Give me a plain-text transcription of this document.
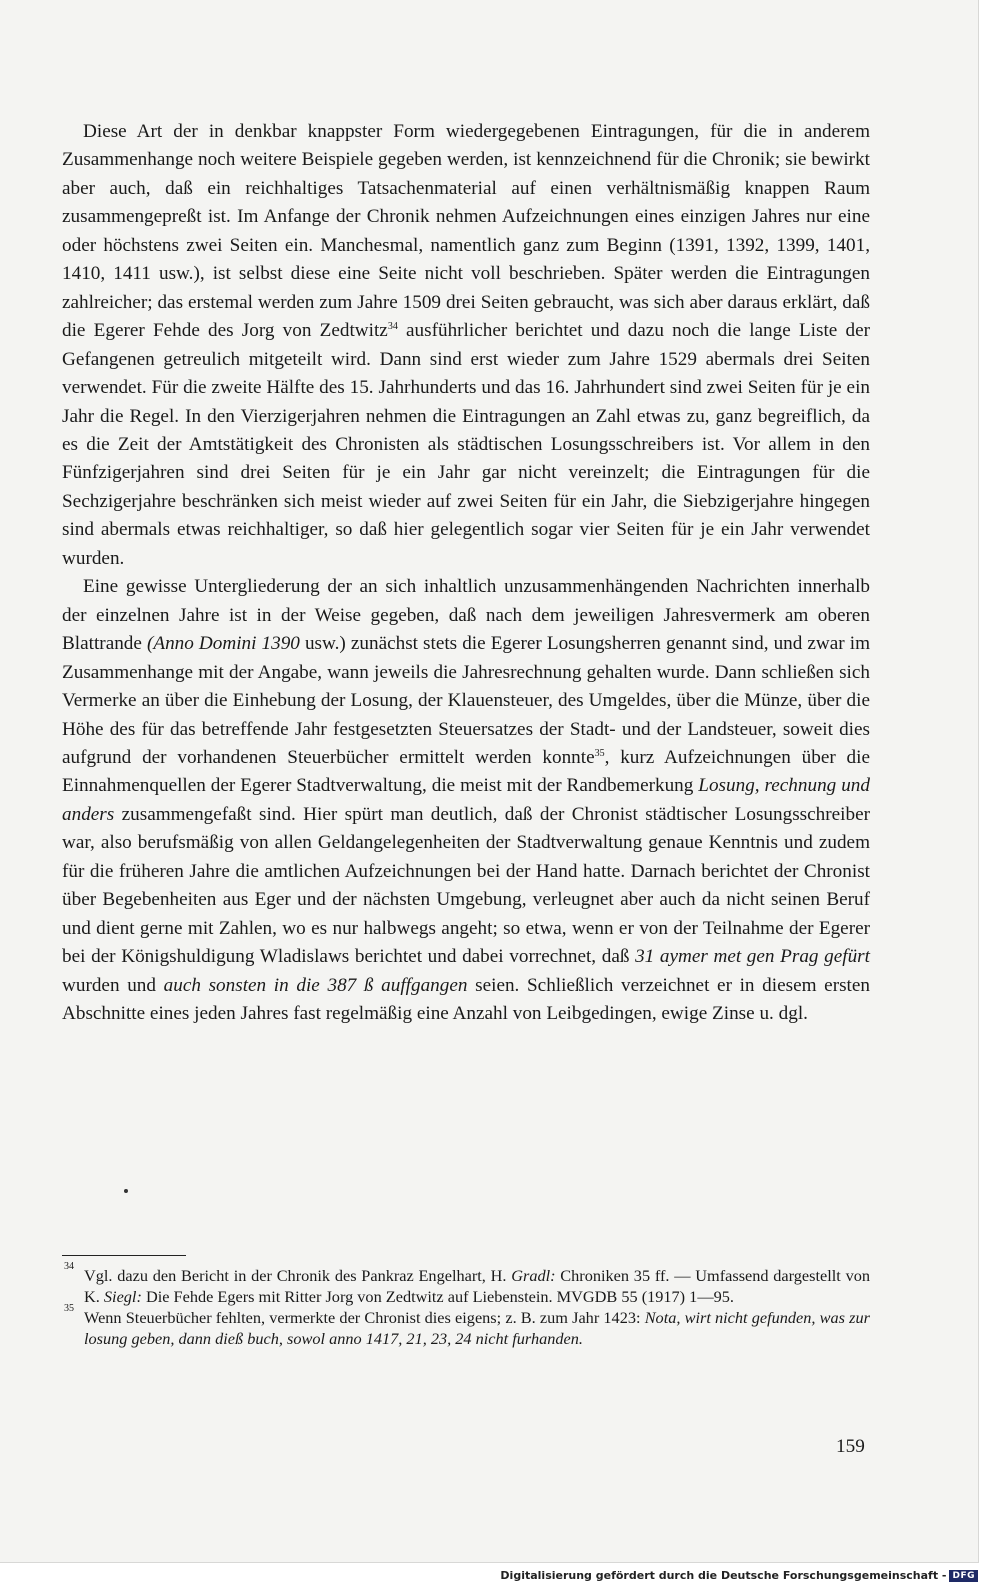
Diese Art der in denkbar knappster Form wiedergegebenen Eintragungen, für die in anderem Zusammenhange noch weitere Beispiele gegeben werden, ist kennzeichnend für die Chronik; sie bewirkt aber auch, daß ein reichhaltiges Tatsachenmaterial auf einen verhältnismäßig knappen Raum zusammengepreßt ist. Im Anfange der Chronik nehmen Aufzeichnungen eines einzigen Jahres nur eine oder höchstens zwei Seiten ein. Manchesmal, namentlich ganz zum Beginn (1391, 1392, 1399, 1401, 1410, 1411 usw.), ist selbst diese eine Seite nicht voll beschrieben. Später werden die Eintragungen zahlreicher; das erstemal werden zum Jahre 1509 drei Seiten gebraucht, was sich aber daraus erklärt, daß die Egerer Fehde des Jorg von Zedtwitz$^{34}$ ausführlicher berichtet und dazu noch die lange Liste der Gefangenen getreulich mitgeteilt wird. Dann sind erst wieder zum Jahre 1529 abermals drei Seiten verwendet. Für die zweite Hälfte des 15. Jahrhunderts und das 16. Jahrhundert sind zwei Seiten für je ein Jahr die Regel. In den Vierzigerjahren nehmen die Eintragungen an Zahl etwas zu, ganz begreiflich, da es die Zeit der Amtstätigkeit des Chronisten als städtischen Losungsschreibers ist. Vor allem in den Fünfzigerjahren sind drei Seiten für je ein Jahr gar nicht vereinzelt; die Eintragungen für die Sechzigerjahre beschränken sich meist wieder auf zwei Seiten für ein Jahr, die Siebzigerjahre hingegen sind abermals etwas reichhaltiger, so daß hier gelegentlich sogar vier Seiten für je ein Jahr verwendet wurden.

Eine gewisse Untergliederung der an sich inhaltlich unzusammenhängenden Nachrichten innerhalb der einzelnen Jahre ist in der Weise gegeben, daß nach dem jeweiligen Jahresvermerk am oberen Blattrande (Anno Domini 1390 usw.) zunächst stets die Egerer Losungsherren genannt sind, und zwar im Zusammenhange mit der Angabe, wann jeweils die Jahresrechnung gehalten wurde. Dann schließen sich Vermerke an über die Einhebung der Losung, der Klauensteuer, des Umgeldes, über die Münze, über die Höhe des für das betreffende Jahr festgesetzten Steuersatzes der Stadt- und der Landsteuer, soweit dies aufgrund der vorhandenen Steuerbücher ermittelt werden konnte$^{35}$, kurz Aufzeichnungen über die Einnahmenquellen der Egerer Stadtverwaltung, die meist mit der Randbemerkung Losung, rechnung und anders zusammengefaßt sind. Hier spürt man deutlich, daß der Chronist städtischer Losungsschreiber war, also berufsmäßig von allen Geldangelegenheiten der Stadtverwaltung genaue Kenntnis und zudem für die früheren Jahre die amtlichen Aufzeichnungen bei der Hand hatte. Darnach berichtet der Chronist über Begebenheiten aus Eger und der nächsten Umgebung, verleugnet aber auch da nicht seinen Beruf und dient gerne mit Zahlen, wo es nur halbwegs angeht; so etwa, wenn er von der Teilnahme der Egerer bei der Königshuldigung Wladislaws berichtet und dabei vorrechnet, daß 31 aymer met gen Prag gefürt wurden und auch sonsten in die 387 ß auffgangen seien. Schließlich verzeichnet er in diesem ersten Abschnitte eines jeden Jahres fast regelmäßig eine Anzahl von Leibgedingen, ewige Zinse u. dgl.

34 Vgl. dazu den Bericht in der Chronik des Pankraz Engelhart, H. Gradl: Chroniken 35 ff. — Umfassend dargestellt von K. Siegl: Die Fehde Egers mit Ritter Jorg von Zedtwitz auf Liebenstein. MVGDB 55 (1917) 1—95.
35 Wenn Steuerbücher fehlten, vermerkte der Chronist dies eigens; z. B. zum Jahr 1423: Nota, wirt nicht gefunden, was zur losung geben, dann dieß buch, sowol anno 1417, 21, 23, 24 nicht furhanden.
159
Digitalisierung gefördert durch die Deutsche Forschungsgemeinschaft - DFG
